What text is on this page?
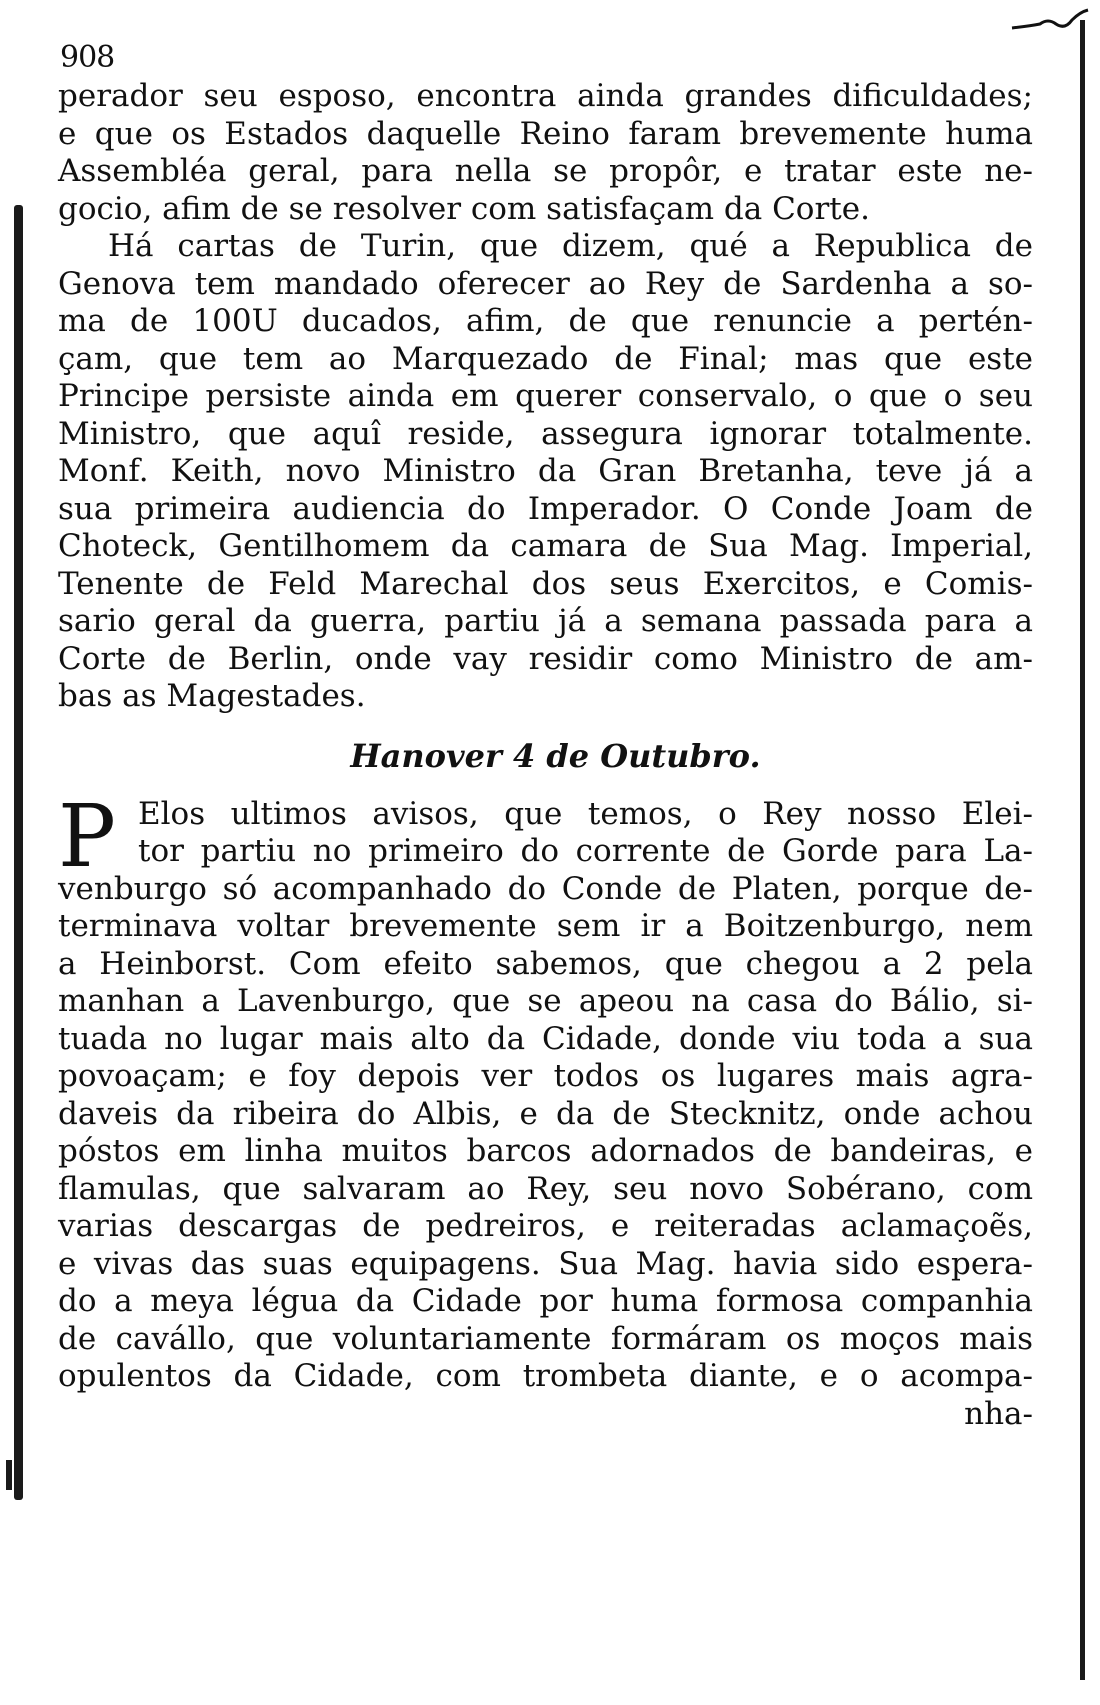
908
perador seu esposo, encontra ainda grandes dificuldades;
e que os Estados daquelle Reino faram brevemente huma
Assembléa geral, para nella se propôr, e tratar este ne-
gocio, afim de se resolver com satisfaçam da Corte.
Há cartas de Turin, que dizem, qué a Republica de
Genova tem mandado oferecer ao Rey de Sardenha a so-
ma de 100U ducados, afim, de que renuncie a pertén-
çam, que tem ao Marquezado de Final; mas que este
Principe persiste ainda em querer conservalo, o que o seu
Ministro, que aquî reside, assegura ignorar totalmente.
Monf. Keith, novo Ministro da Gran Bretanha, teve já a
sua primeira audiencia do Imperador. O Conde Joam de
Choteck, Gentilhomem da camara de Sua Mag. Imperial,
Tenente de Feld Marechal dos seus Exercitos, e Comis-
sario geral da guerra, partiu já a semana passada para a
Corte de Berlin, onde vay residir como Ministro de am-
bas as Magestades.
Hanover 4 de Outubro.
P Elos ultimos avisos, que temos, o Rey nosso Elei-
tor partiu no primeiro do corrente de Gorde para La-
venburgo só acompanhado do Conde de Platen, porque de-
terminava voltar brevemente sem ir a Boitzenburgo, nem
a Heinborst. Com efeito sabemos, que chegou a 2 pela
manhan a Lavenburgo, que se apeou na casa do Bálio, si-
tuada no lugar mais alto da Cidade, donde viu toda a sua
povoaçam; e foy depois ver todos os lugares mais agra-
daveis da ribeira do Albis, e da de Stecknitz, onde achou
póstos em linha muitos barcos adornados de bandeiras, e
flamulas, que salvaram ao Rey, seu novo Sobérano, com
varias descargas de pedreiros, e reiteradas aclamaçoẽs,
e vivas das suas equipagens. Sua Mag. havia sido espera-
do a meya légua da Cidade por huma formosa companhia
de cavállo, que voluntariamente formáram os moços mais
opulentos da Cidade, com trombeta diante, e o acompa-
nha-
